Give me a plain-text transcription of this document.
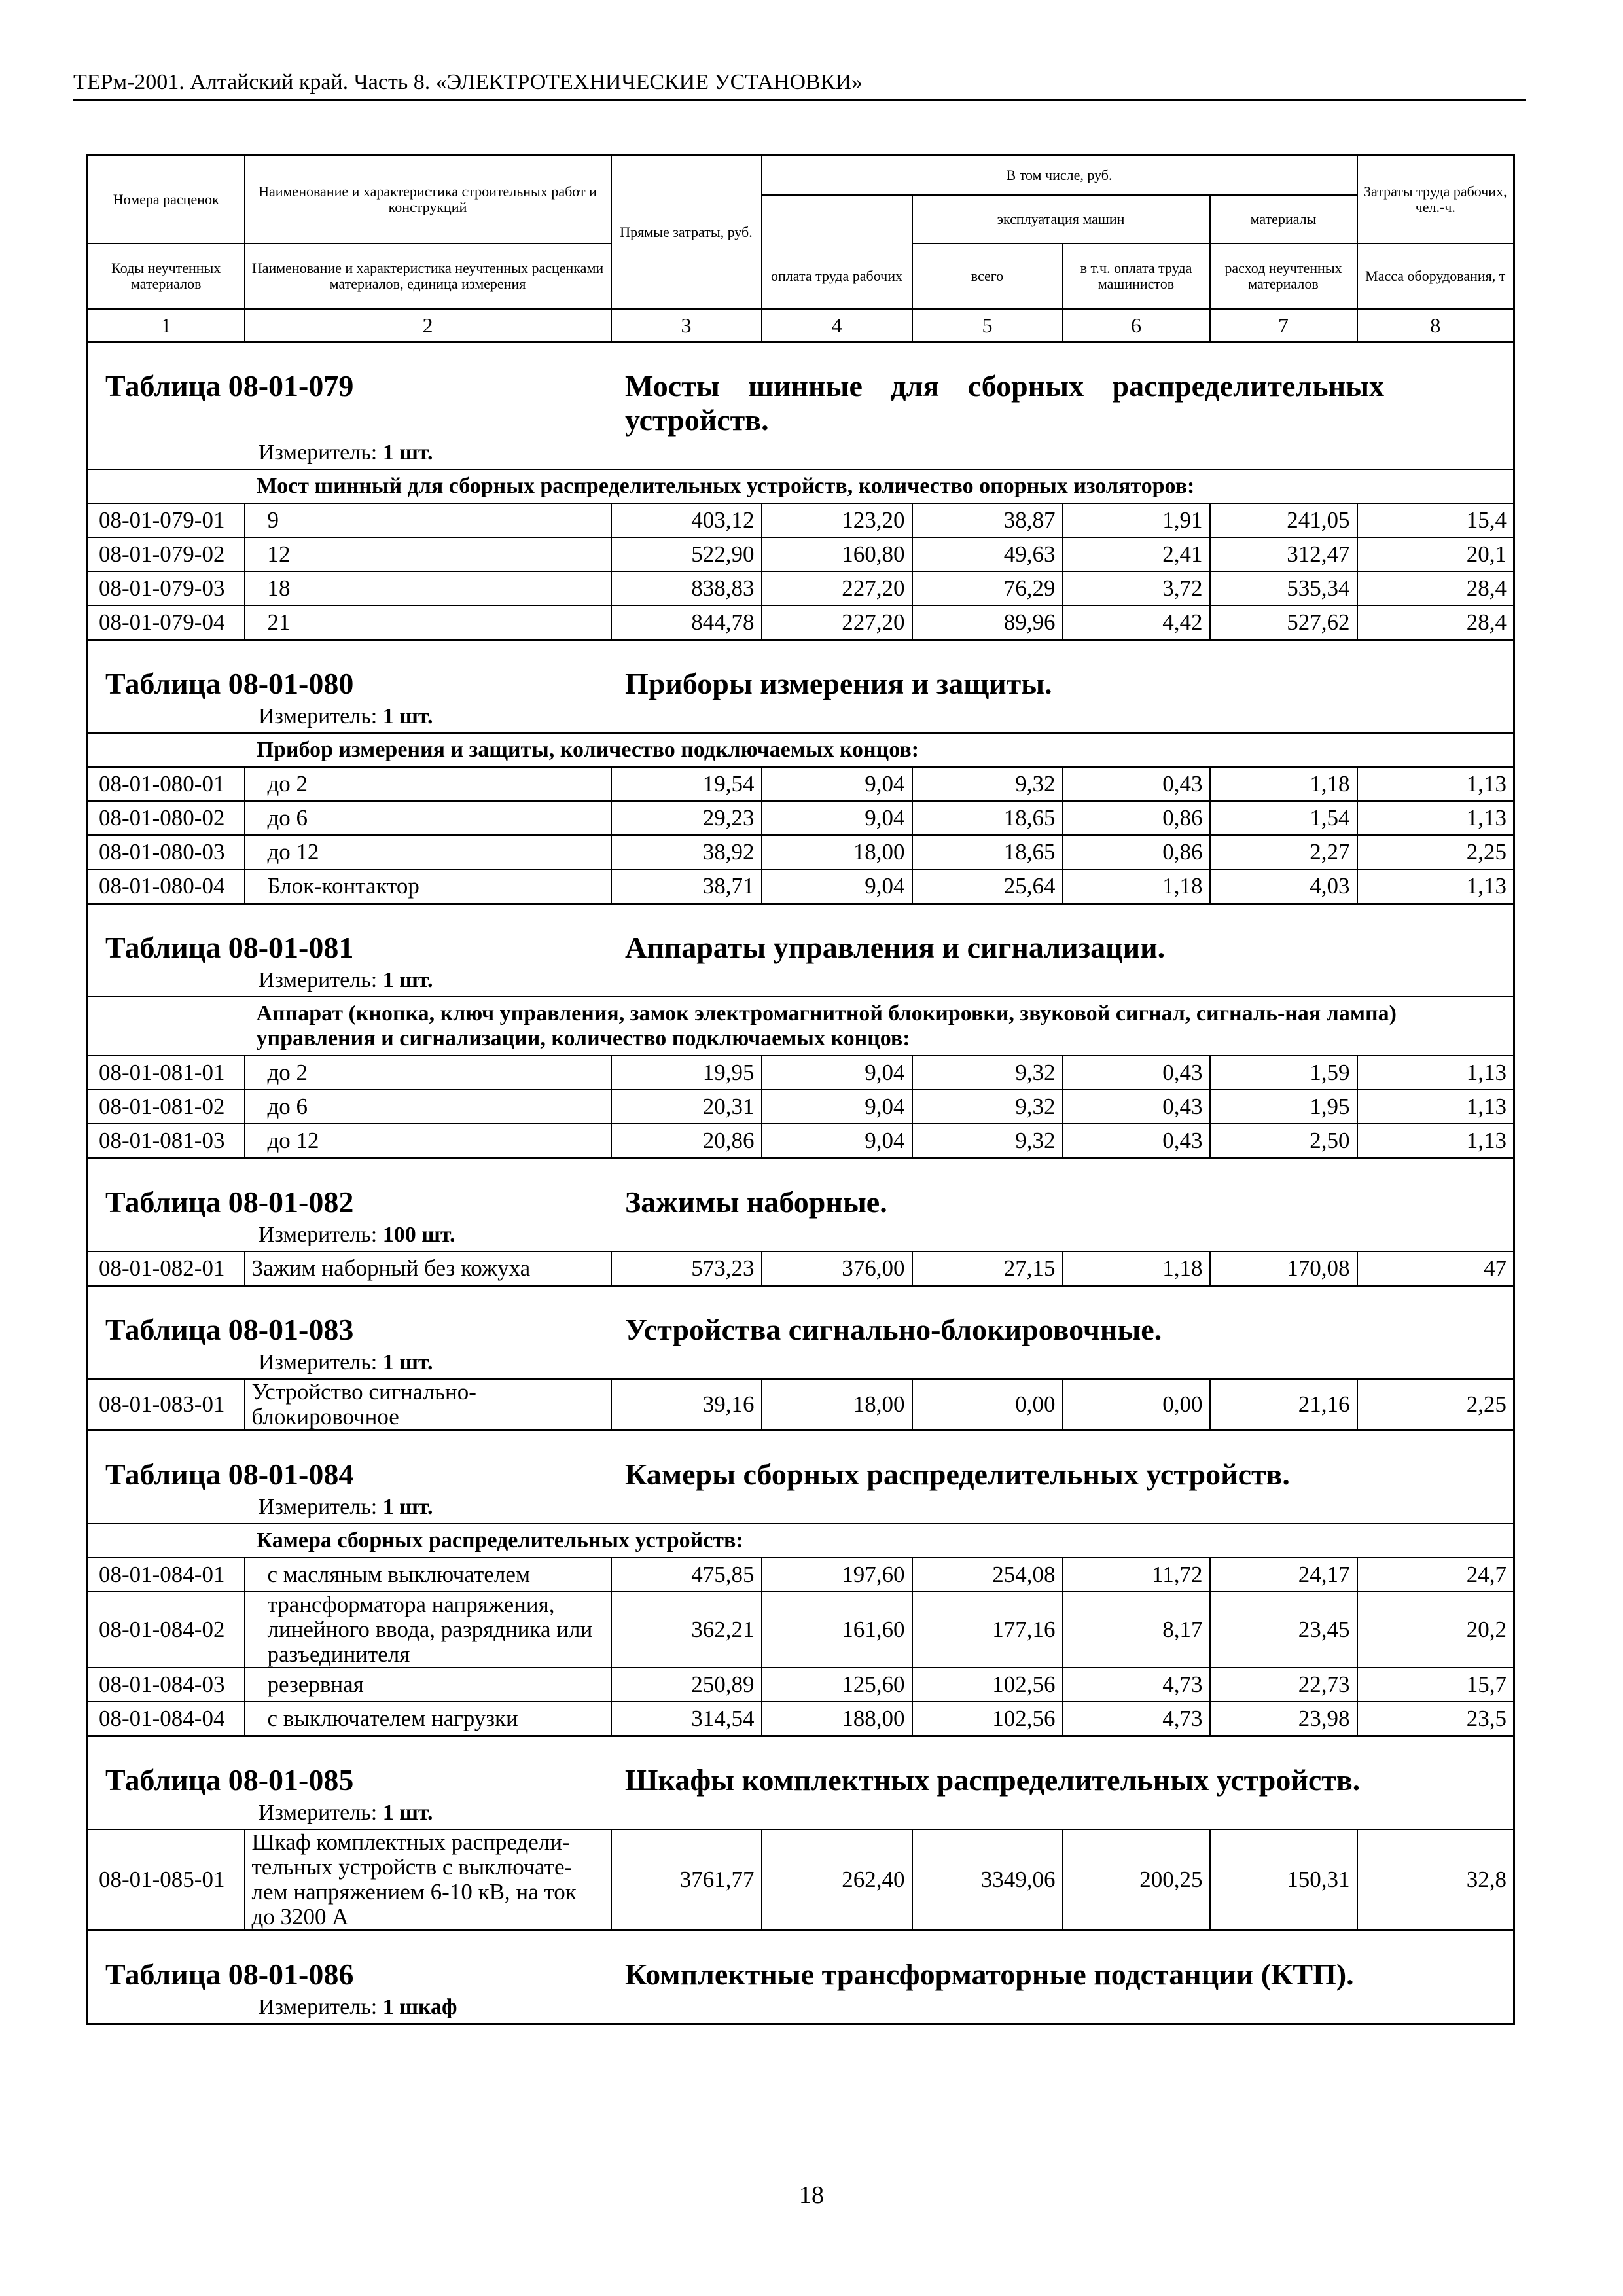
ТЕРм-2001. Алтайский край. Часть 8. «ЭЛЕКТРОТЕХНИЧЕСКИЕ УСТАНОВКИ»
Номера расценок	Наименование и характеристика строительных работ и конструкций	Прямые затраты, руб.	В том числе, руб.				Затраты труда рабочих, чел.-ч.
				эксплуатация машин		материалы	
Коды неучтенных материалов	Наименование и характеристика неучтенных расценками материалов, единица измерения		оплата труда рабочих	всего	в т.ч. оплата труда машинистов	расход неучтенных материалов	Масса оборудования, т

1	2	3	4	5	6	7	8

Таблица 08-01-079 Мосты шинные для сборных распределительных устройств.
Измеритель: 1 шт.							

	Мост шинный для сборных распределительных устройств, количество опорных изоляторов:						
08-01-079-01	9	403,12	123,20	38,87	1,91	241,05	15,4
08-01-079-02	12	522,90	160,80	49,63	2,41	312,47	20,1
08-01-079-03	18	838,83	227,20	76,29	3,72	535,34	28,4
08-01-079-04	21	844,78	227,20	89,96	4,42	527,62	28,4

Таблица 08-01-080 Приборы измерения и защиты.
Измеритель: 1 шт.							

	Прибор измерения и защиты, количество подключаемых концов:						
08-01-080-01	до 2	19,54	9,04	9,32	0,43	1,18	1,13
08-01-080-02	до 6	29,23	9,04	18,65	0,86	1,54	1,13
08-01-080-03	до 12	38,92	18,00	18,65	0,86	2,27	2,25
08-01-080-04	Блок-контактор	38,71	9,04	25,64	1,18	4,03	1,13

Таблица 08-01-081 Аппараты управления и сигнализации.
Измеритель: 1 шт.							

	Аппарат (кнопка, ключ управления, замок электромагнитной блокировки, звуковой сигнал, сигналь-ная лампа) управления и сигнализации, количество подключаемых концов:						
08-01-081-01	до 2	19,95	9,04	9,32	0,43	1,59	1,13
08-01-081-02	до 6	20,31	9,04	9,32	0,43	1,95	1,13
08-01-081-03	до 12	20,86	9,04	9,32	0,43	2,50	1,13

Таблица 08-01-082 Зажимы наборные.
Измеритель: 100 шт.							

08-01-082-01	Зажим наборный без кожуха	573,23	376,00	27,15	1,18	170,08	47

Таблица 08-01-083 Устройства сигнально-блокировочные.
Измеритель: 1 шт.							

08-01-083-01	Устройство сигнально-блокировочное	39,16	18,00	0,00	0,00	21,16	2,25

Таблица 08-01-084 Камеры сборных распределительных устройств.
Измеритель: 1 шт.							

	Камера сборных распределительных устройств:						
08-01-084-01	с масляным выключателем	475,85	197,60	254,08	11,72	24,17	24,7
08-01-084-02	трансформатора напряжения, линейного ввода, разрядника или разъединителя	362,21	161,60	177,16	8,17	23,45	20,2
08-01-084-03	резервная	250,89	125,60	102,56	4,73	22,73	15,7
08-01-084-04	с выключателем нагрузки	314,54	188,00	102,56	4,73	23,98	23,5

Таблица 08-01-085 Шкафы комплектных распределительных устройств.
Измеритель: 1 шт.							

08-01-085-01	Шкаф комплектных распредели-тельных устройств с выключате-лем напряжением 6-10 кВ, на ток до 3200 А	3761,77	262,40	3349,06	200,25	150,31	32,8

Таблица 08-01-086 Комплектные трансформаторные подстанции (КТП).
Измеритель: 1 шкаф							
18
